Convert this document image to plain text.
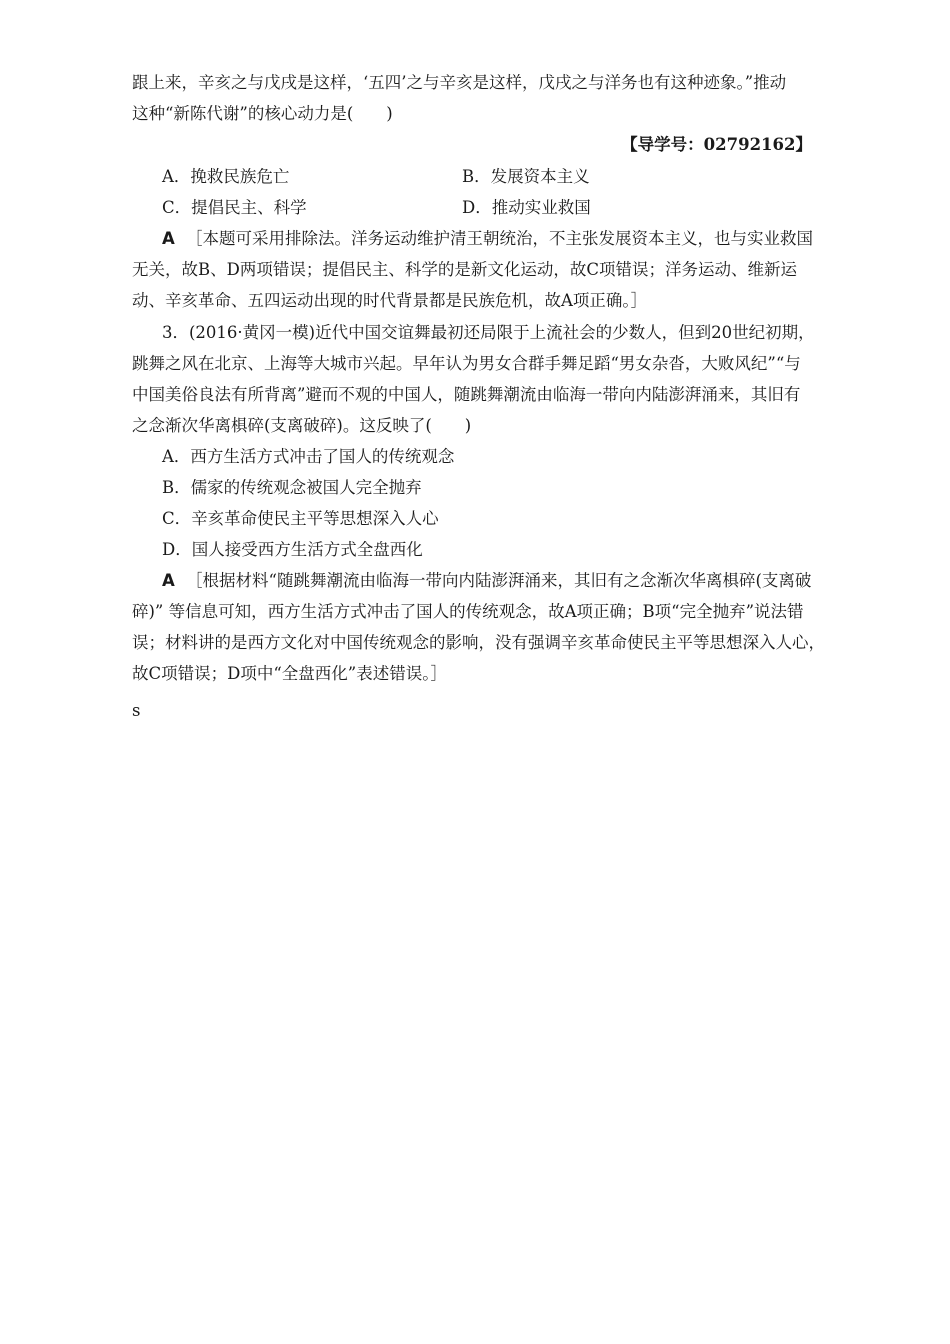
跟上来，辛亥之与戊戌是这样，‘五四’之与辛亥是这样，戊戌之与洋务也有这种迹象。”推动
这种“新陈代谢”的核心动力是(　　)
【导学号：02792162】
A．挽救民族危亡	B．发展资本主义
C．提倡民主、科学	D．推动实业救国
A ［本题可采用排除法。洋务运动维护清王朝统治，不主张发展资本主义，也与实业救国
无关，故B、D两项错误；提倡民主、科学的是新文化运动，故C项错误；洋务运动、维新运
动、辛亥革命、五四运动出现的时代背景都是民族危机，故A项正确。］
3．(2016·黄冈一模)近代中国交谊舞最初还局限于上流社会的少数人，但到20世纪初期，
跳舞之风在北京、上海等大城市兴起。早年认为男女合群手舞足蹈“男女杂沓，大败风纪”“与
中国美俗良法有所背离”避而不观的中国人，随跳舞潮流由临海一带向内陆澎湃涌来，其旧有
之念渐次华离椇碎(支离破碎)。这反映了(　　)
A．西方生活方式冲击了国人的传统观念
B．儒家的传统观念被国人完全抛弃
C．辛亥革命使民主平等思想深入人心
D．国人接受西方生活方式全盘西化
A ［根据材料“随跳舞潮流由临海一带向内陆澎湃涌来，其旧有之念渐次华离椇碎(支离破
碎)” 等信息可知，西方生活方式冲击了国人的传统观念，故A项正确；B项“完全抛弃”说法错
误；材料讲的是西方文化对中国传统观念的影响，没有强调辛亥革命使民主平等思想深入人心，
故C项错误；D项中“全盘西化”表述错误。］
s
